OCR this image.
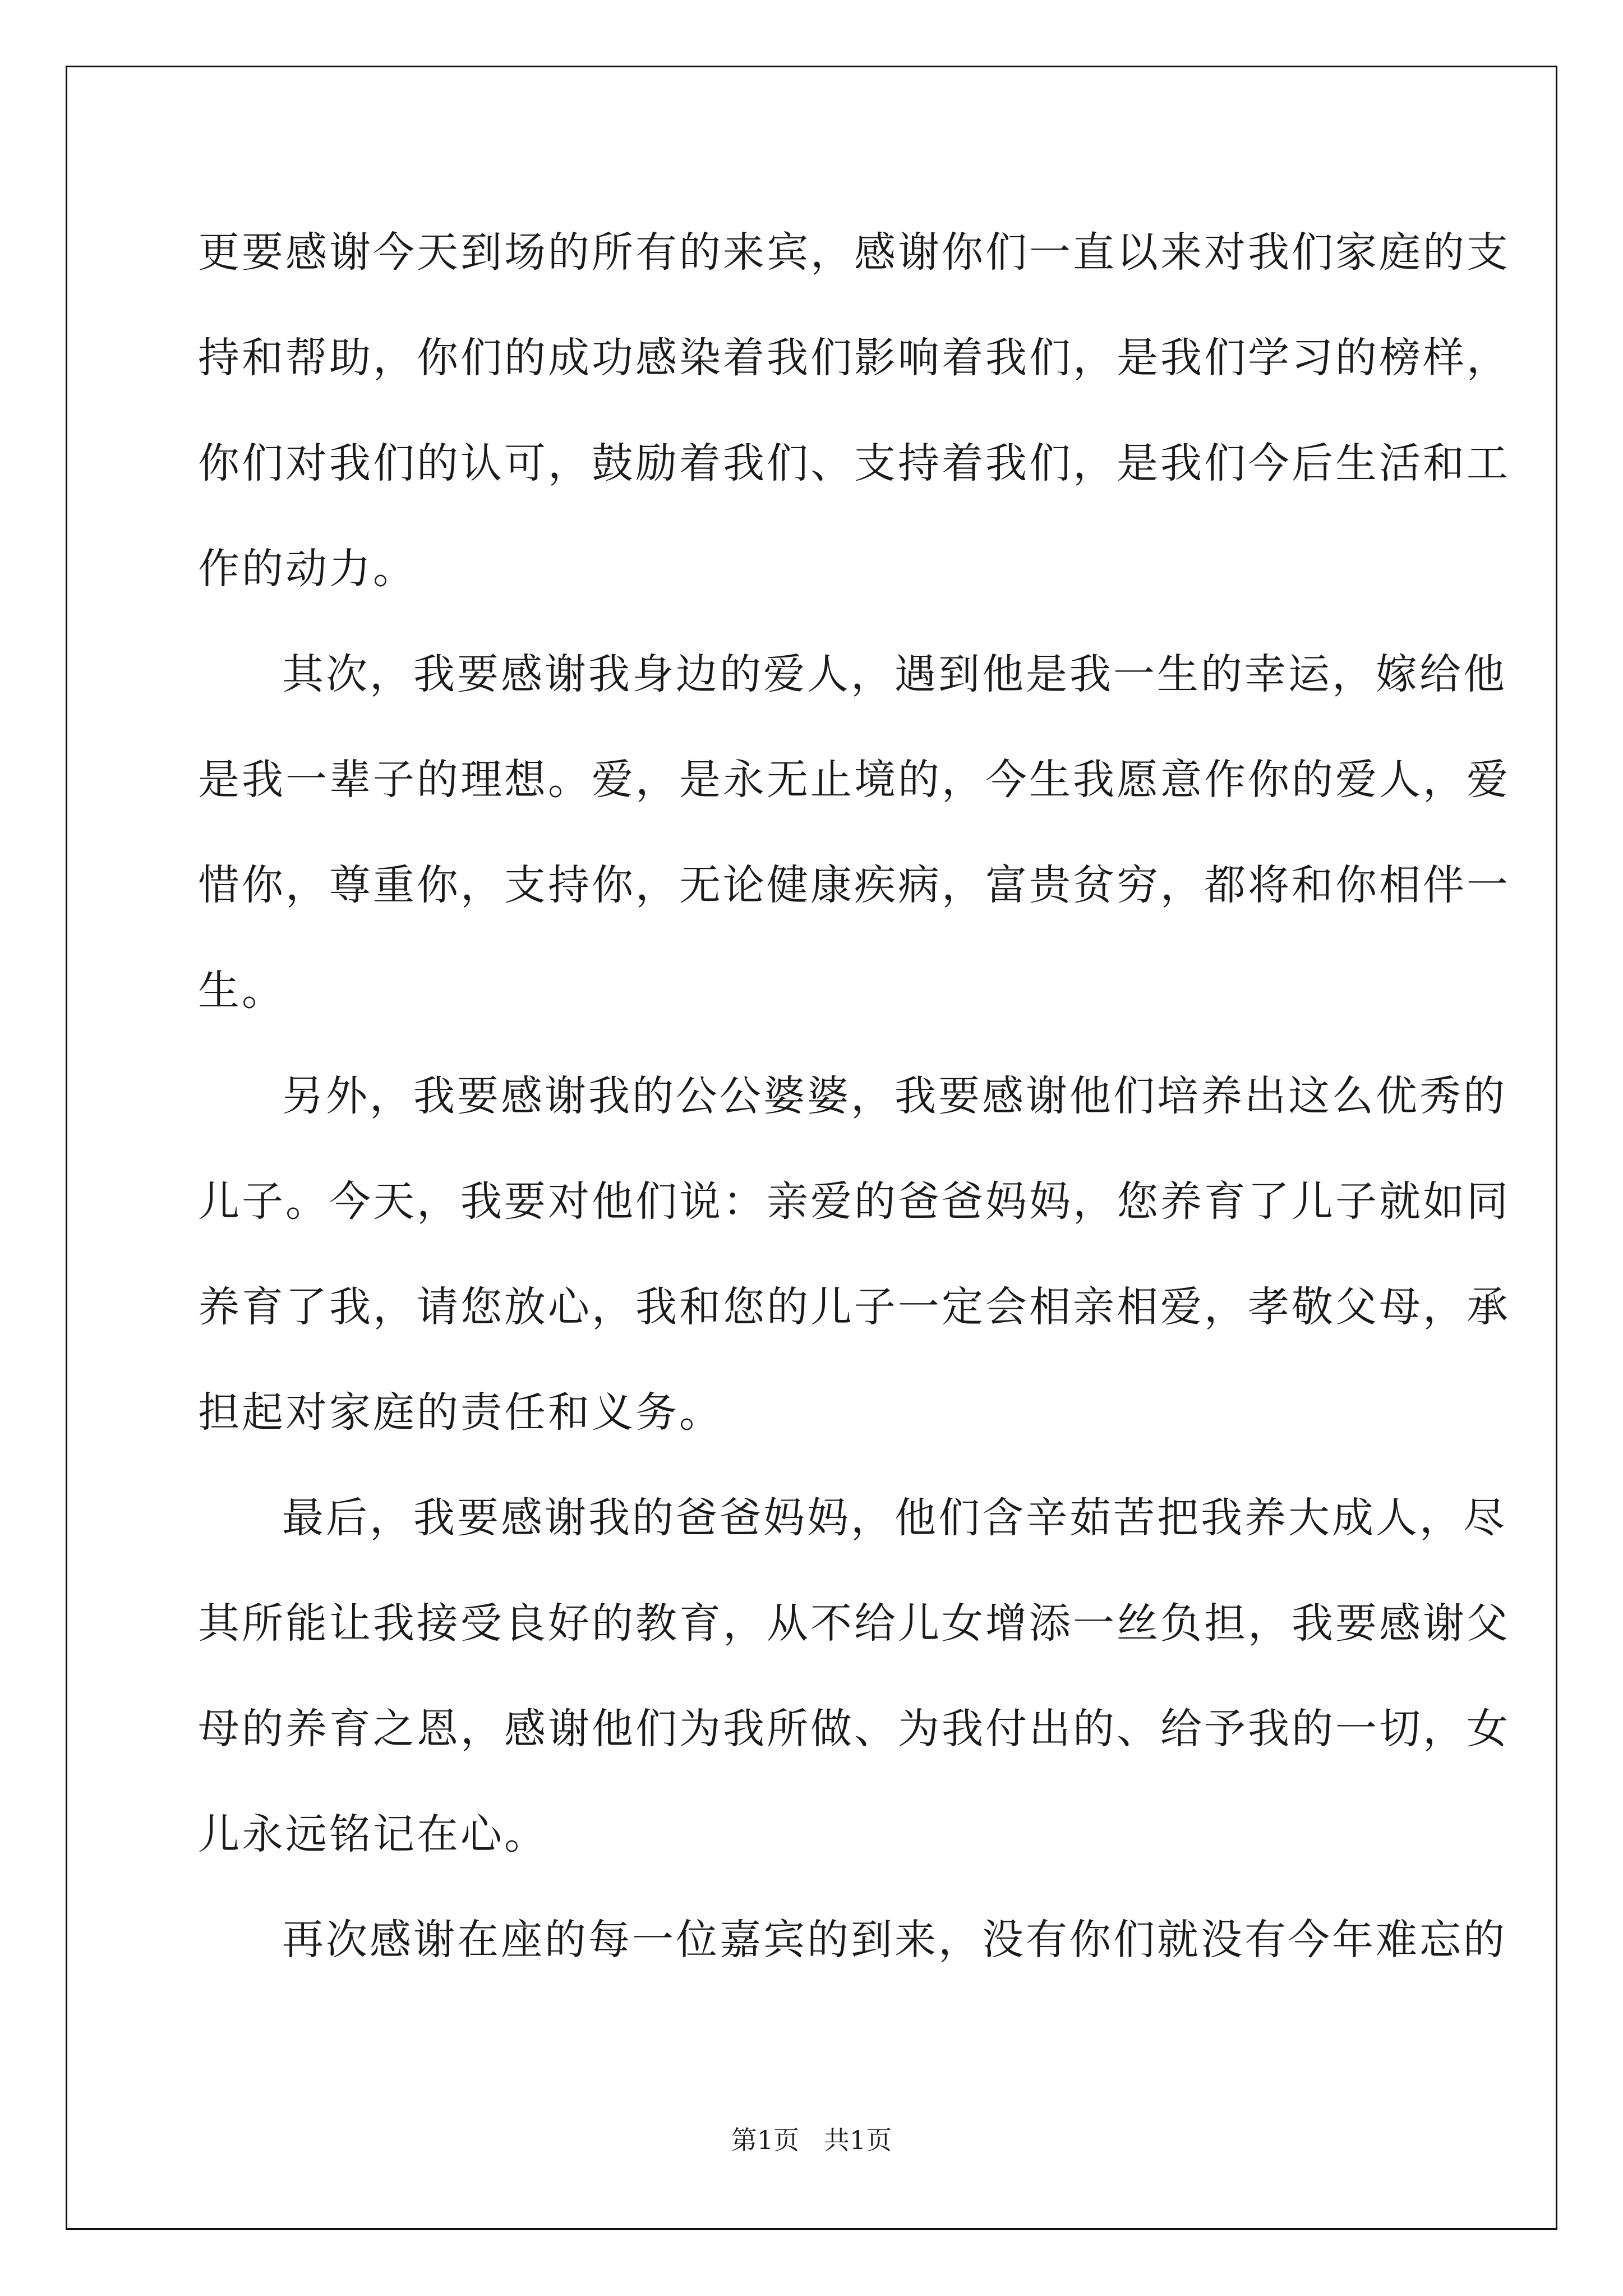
更要感谢今天到场的所有的来宾，感谢你们一直以来对我们家庭的支
持和帮助，你们的成功感染着我们影响着我们，是我们学习的榜样，
你们对我们的认可，鼓励着我们、支持着我们，是我们今后生活和工
作的动力。
其次，我要感谢我身边的爱人，遇到他是我一生的幸运，嫁给他
是我一辈子的理想。爱，是永无止境的，今生我愿意作你的爱人，爱
惜你，尊重你，支持你，无论健康疾病，富贵贫穷，都将和你相伴一
生。
另外，我要感谢我的公公婆婆，我要感谢他们培养出这么优秀的
儿子。今天，我要对他们说：亲爱的爸爸妈妈，您养育了儿子就如同
养育了我，请您放心，我和您的儿子一定会相亲相爱，孝敬父母，承
担起对家庭的责任和义务。
最后，我要感谢我的爸爸妈妈，他们含辛茹苦把我养大成人，尽
其所能让我接受良好的教育，从不给儿女增添一丝负担，我要感谢父
母的养育之恩，感谢他们为我所做、为我付出的、给予我的一切，女
儿永远铭记在心。
再次感谢在座的每一位嘉宾的到来，没有你们就没有今年难忘的
第1页   共1页
